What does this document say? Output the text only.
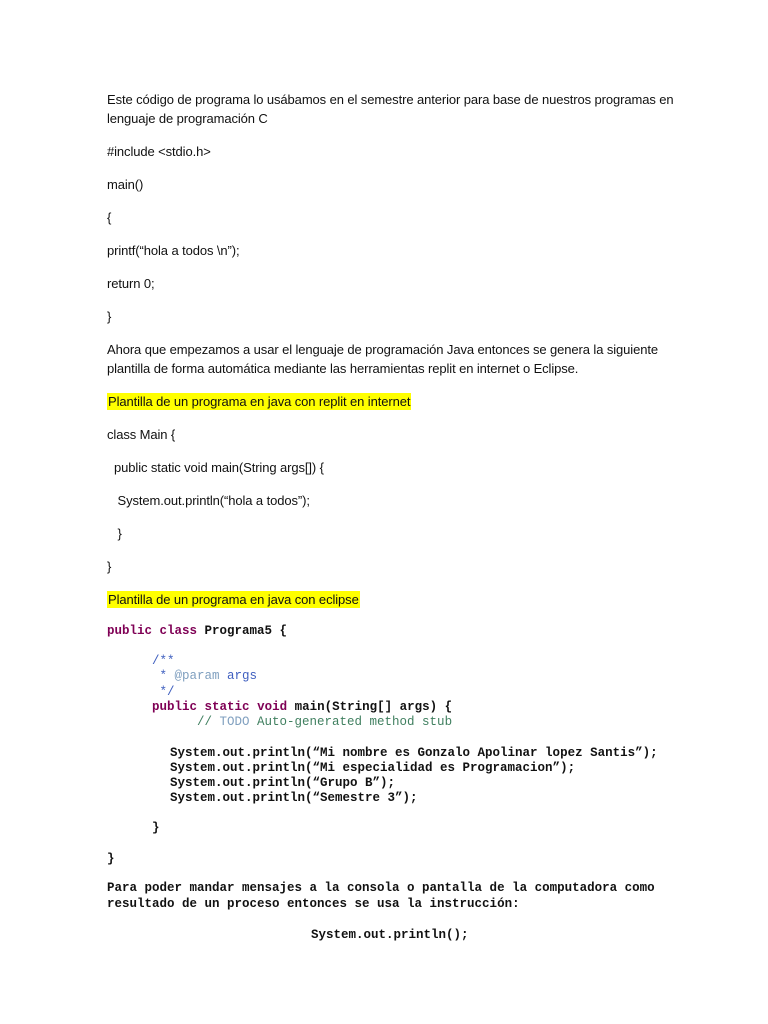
Este código de programa lo usábamos en el semestre anterior para base de nuestros programas en
lenguaje de programación C
#include <stdio.h>
main()
{
printf(“hola a todos \n”);
return 0;
}
Ahora que empezamos a usar el lenguaje de programación Java entonces se genera la siguiente
plantilla de forma automática mediante las herramientas replit en internet o Eclipse.
Plantilla de un programa en java con replit en internet
class Main {
public static void main(String args[]) {
System.out.println(“hola a todos”);
}
}
Plantilla de un programa en java con eclipse
public class Programa5 {
/**
* @param args
*/
public static void main(String[] args) {
// TODO Auto-generated method stub
System.out.println(“Mi nombre es Gonzalo Apolinar lopez Santis”);
System.out.println(“Mi especialidad es Programacion”);
System.out.println(“Grupo B”);
System.out.println(“Semestre 3”);
}
}
Para poder mandar mensajes a la consola o pantalla de la computadora como
resultado de un proceso entonces se usa la instrucción:
System.out.println();
